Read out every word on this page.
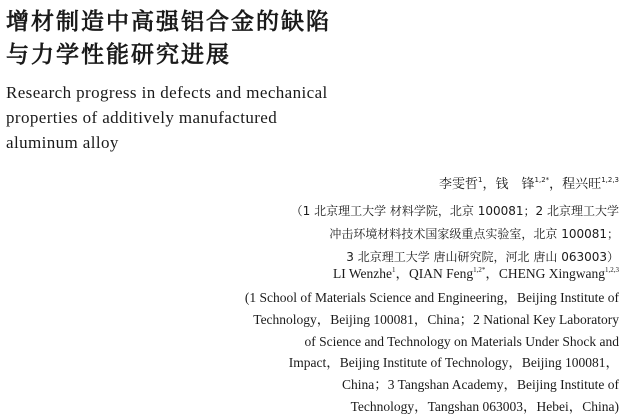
增材制造中高强铝合金的缺陷
与力学性能研究进展
Research progress in defects and mechanical
properties of additively manufactured
aluminum alloy
李雯哲$^1$，钱　锋$^{1,2*}$，程兴旺$^{1,2,3}$
（1 北京理工大学 材料学院，北京 100081；2 北京理工大学
冲击环境材料技术国家级重点实验室，北京 100081；
3 北京理工大学 唐山研究院，河北 唐山 063003）
LI Wenzhe$^1$，QIAN Feng$^{1,2*}$，CHENG Xingwang$^{1,2,3}$
(1 School of Materials Science and Engineering，Beijing Institute of
Technology，Beijing 100081，China；2 National Key Laboratory
of Science and Technology on Materials Under Shock and
Impact，Beijing Institute of Technology，Beijing 100081，
China；3 Tangshan Academy，Beijing Institute of
Technology，Tangshan 063003，Hebei，China)
